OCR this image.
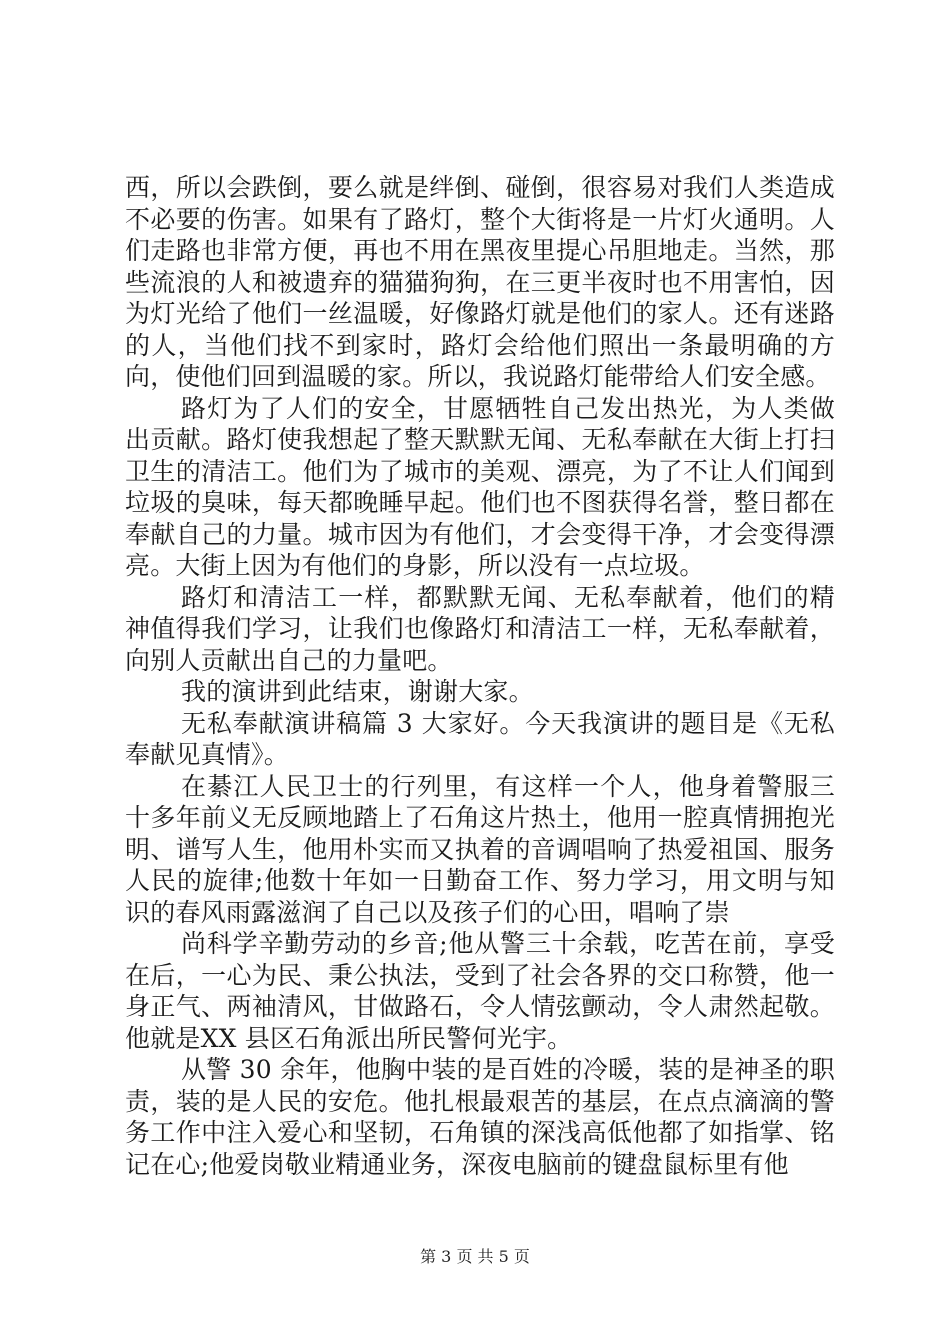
西，所以会跌倒，要么就是绊倒、碰倒，很容易对我们人类造成不必要的伤害。如果有了路灯，整个大街将是一片灯火通明。人们走路也非常方便，再也不用在黑夜里提心吊胆地走。当然，那些流浪的人和被遗弃的猫猫狗狗，在三更半夜时也不用害怕，因为灯光给了他们一丝温暖，好像路灯就是他们的家人。还有迷路的人，当他们找不到家时，路灯会给他们照出一条最明确的方向，使他们回到温暖的家。所以，我说路灯能带给人们安全感。

路灯为了人们的安全，甘愿牺牲自己发出热光，为人类做出贡献。路灯使我想起了整天默默无闻、无私奉献在大街上打扫卫生的清洁工。他们为了城市的美观、漂亮，为了不让人们闻到垃圾的臭味，每天都晚睡早起。他们也不图获得名誉，整日都在奉献自己的力量。城市因为有他们，才会变得干净，才会变得漂亮。大街上因为有他们的身影，所以没有一点垃圾。

路灯和清洁工一样，都默默无闻、无私奉献着，他们的精神值得我们学习，让我们也像路灯和清洁工一样，无私奉献着，向别人贡献出自己的力量吧。

我的演讲到此结束，谢谢大家。

无私奉献演讲稿篇 3 大家好。今天我演讲的题目是《无私奉献见真情》。

在綦江人民卫士的行列里，有这样一个人，他身着警服三十多年前义无反顾地踏上了石角这片热土，他用一腔真情拥抱光明、谱写人生，他用朴实而又执着的音调唱响了热爱祖国、服务人民的旋律;他数十年如一日勤奋工作、努力学习，用文明与知识的春风雨露滋润了自己以及孩子们的心田，唱响了崇

尚科学辛勤劳动的乡音;他从警三十余载，吃苦在前，享受在后，一心为民、秉公执法，受到了社会各界的交口称赞，他一身正气、两袖清风，甘做路石，令人情弦颤动，令人肃然起敬。他就是XX 县区石角派出所民警何光宇。

从警 30 余年，他胸中装的是百姓的冷暖，装的是神圣的职责，装的是人民的安危。他扎根最艰苦的基层，在点点滴滴的警务工作中注入爱心和坚韧，石角镇的深浅高低他都了如指掌、铭记在心;他爱岗敬业精通业务，深夜电脑前的键盘鼠标里有他

第 3 页 共 5 页
